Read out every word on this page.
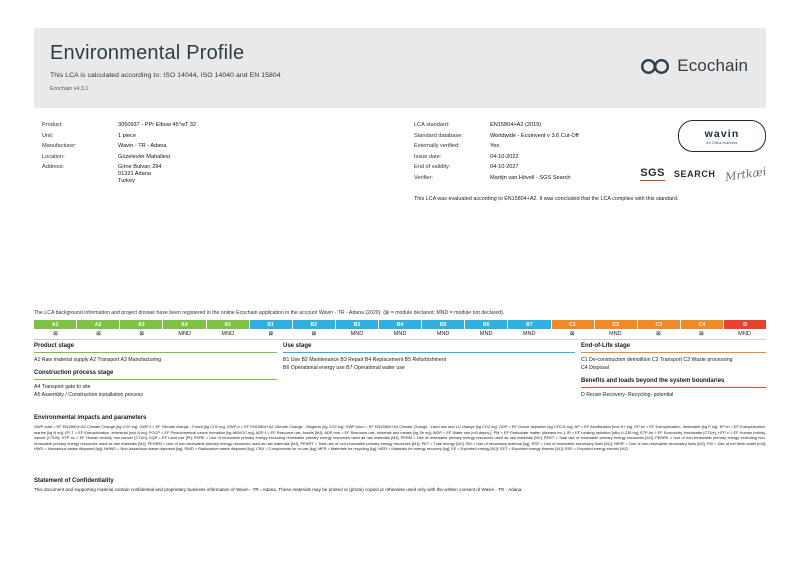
Environmental Profile
This LCA is calculated according to: ISO 14044, ISO 14040 and EN 15804
Ecochain v4.3.1
Ecochain
Product:	3050937 - PPr Elbow 45°wT 32
Unit:	1 piece
Manufacturer:	Wavin - TR - Adana
Location:	Güzelevler Mahallesi
Address:	Girne Bulvarı 294
01321 Adana
Turkey
LCA standard:	EN15804+A2 (2019)
Standard database:	Worldwide - Ecoinvent v 3.6 Cut-Off
Externally verified:	Yes
Issue date:	04-10-2022
End of validity:	04-10-2027
Verifier:	Martijn van Hövell - SGS Search
wavin
An Orbia business
SGS SEARCH Mrtkæi
This LCA was evaluated according to EN15804+A2. It was concluded that the LCA complies with this standard.
The LCA background information and project dossier have been registered in the online Ecochain application in the account Wavin - TR - Adana (2020). (⊠ = module declared; MND = module not declared).
A1	A2	A3	A4	A5	B1	B2	B3	B4	B5	B6	B7	C1	C2	C3	C4	D
⊠	⊠	⊠	MND	MND	⊠	⊠	MND	MND	MND	MND	MND	⊠	MND	⊠	⊠	MND
Product stage
A1 Raw material supply A2 Transport A3 Manufacturing
Construction process stage
A4 Transport gate to site
A5 Assembly / Construction installation process
Use stage
B1 Use B2 Maintenance B3 Repair B4 Replacement B5 Refurbishment
B6 Operational energy use B7 Operational water use
End-of-Life stage
C1 De-construction demolition C2 Transport C3 Waste processing
C4 Disposal
Benefits and loads beyond the system boundaries
D Reuse-Recovery- Recycling- potential
Environmental impacts and parameters
GWP-total = EF EN15804+A2 Climate Change [kg CO2 eq]; GWP-f = EF Climate change - Fossil [kg CO2 eq]; GWP-b = EF EN15804+A2 Climate Change - Biogenic [kg CO2 eq]; GWP-luluc = EF EN15804+A2 Climate Change - Land use and LU change [kg CO2 eq]; ODP = EF Ozone depletion [kg CFC11 eq]; AP = EF Acidification [mol H+ eq]; EP-fw = EF Eutrophication, freshwater [kg P eq]; EP-m = EF Eutrophication, marine [kg N eq]; EP-T = EF Eutrophication, terrestrial [mol N eq]; POCP = EF Photochemical ozone formation [kg NMVOC eq]; ADP-f = EF Resource use, fossils [MJ]; ADP-mm = EF Resource use, minerals and metals [kg Sb eq]; WDP = EF Water use [m3 depriv.]; PM = EF Particulate matter [disease inc.]; IR = EF Ionising radiation [kBq U-235 eq]; ETP-fw = EF Ecotoxicity, freshwater [CTUe]; HTP-c = EF Human toxicity, cancer [CTUh]; HTP-nc = EF Human toxicity, non-cancer [CTUh]; SQP = EF Land use [Pt]; PERE = Use of renewable primary energy excluding renewable primary energy resources used as raw materials [MJ]; PERM = Use of renewable primary energy resources used as raw materials [MJ]; PERT = Total use of renewable primary energy resources [MJ]; PENRE = Use of non-renewable primary energy excluding non-renewable primary energy resources used as raw materials [MJ]; PENRM = Use of non-renewable primary energy resources used as raw materials [MJ]; PENRT = Total use of non-renewable primary energy resources [MJ]; PET = Total energy [MJ]; SM = Use of secondary material [kg]; RSF = Use of renewable secondary fuels [MJ]; NRSF = Use of non-renewable secondary fuels [MJ]; FW = Use of net fresh water [m3]; HWD = Hazardous waste disposed [kg]; NHWD = Non-hazardous waste disposed [kg]; RWD = Radioactive waste disposed [kg]; CRU = Components for re-use [kg]; MFR = Materials for recycling [kg]; MER = Materials for energy recovery [kg]; EE = Exported energy [MJ]; EET = Exported energy thermic [MJ]; EEE = Exported energy electric [MJ].
Statement of Confidentiality
This document and supporting material contain confidential and proprietary business information of Wavin - TR - Adana. These materials may be printed or (photo) copied or otherwise used only with the written consent of Wavin - TR - Adana.
